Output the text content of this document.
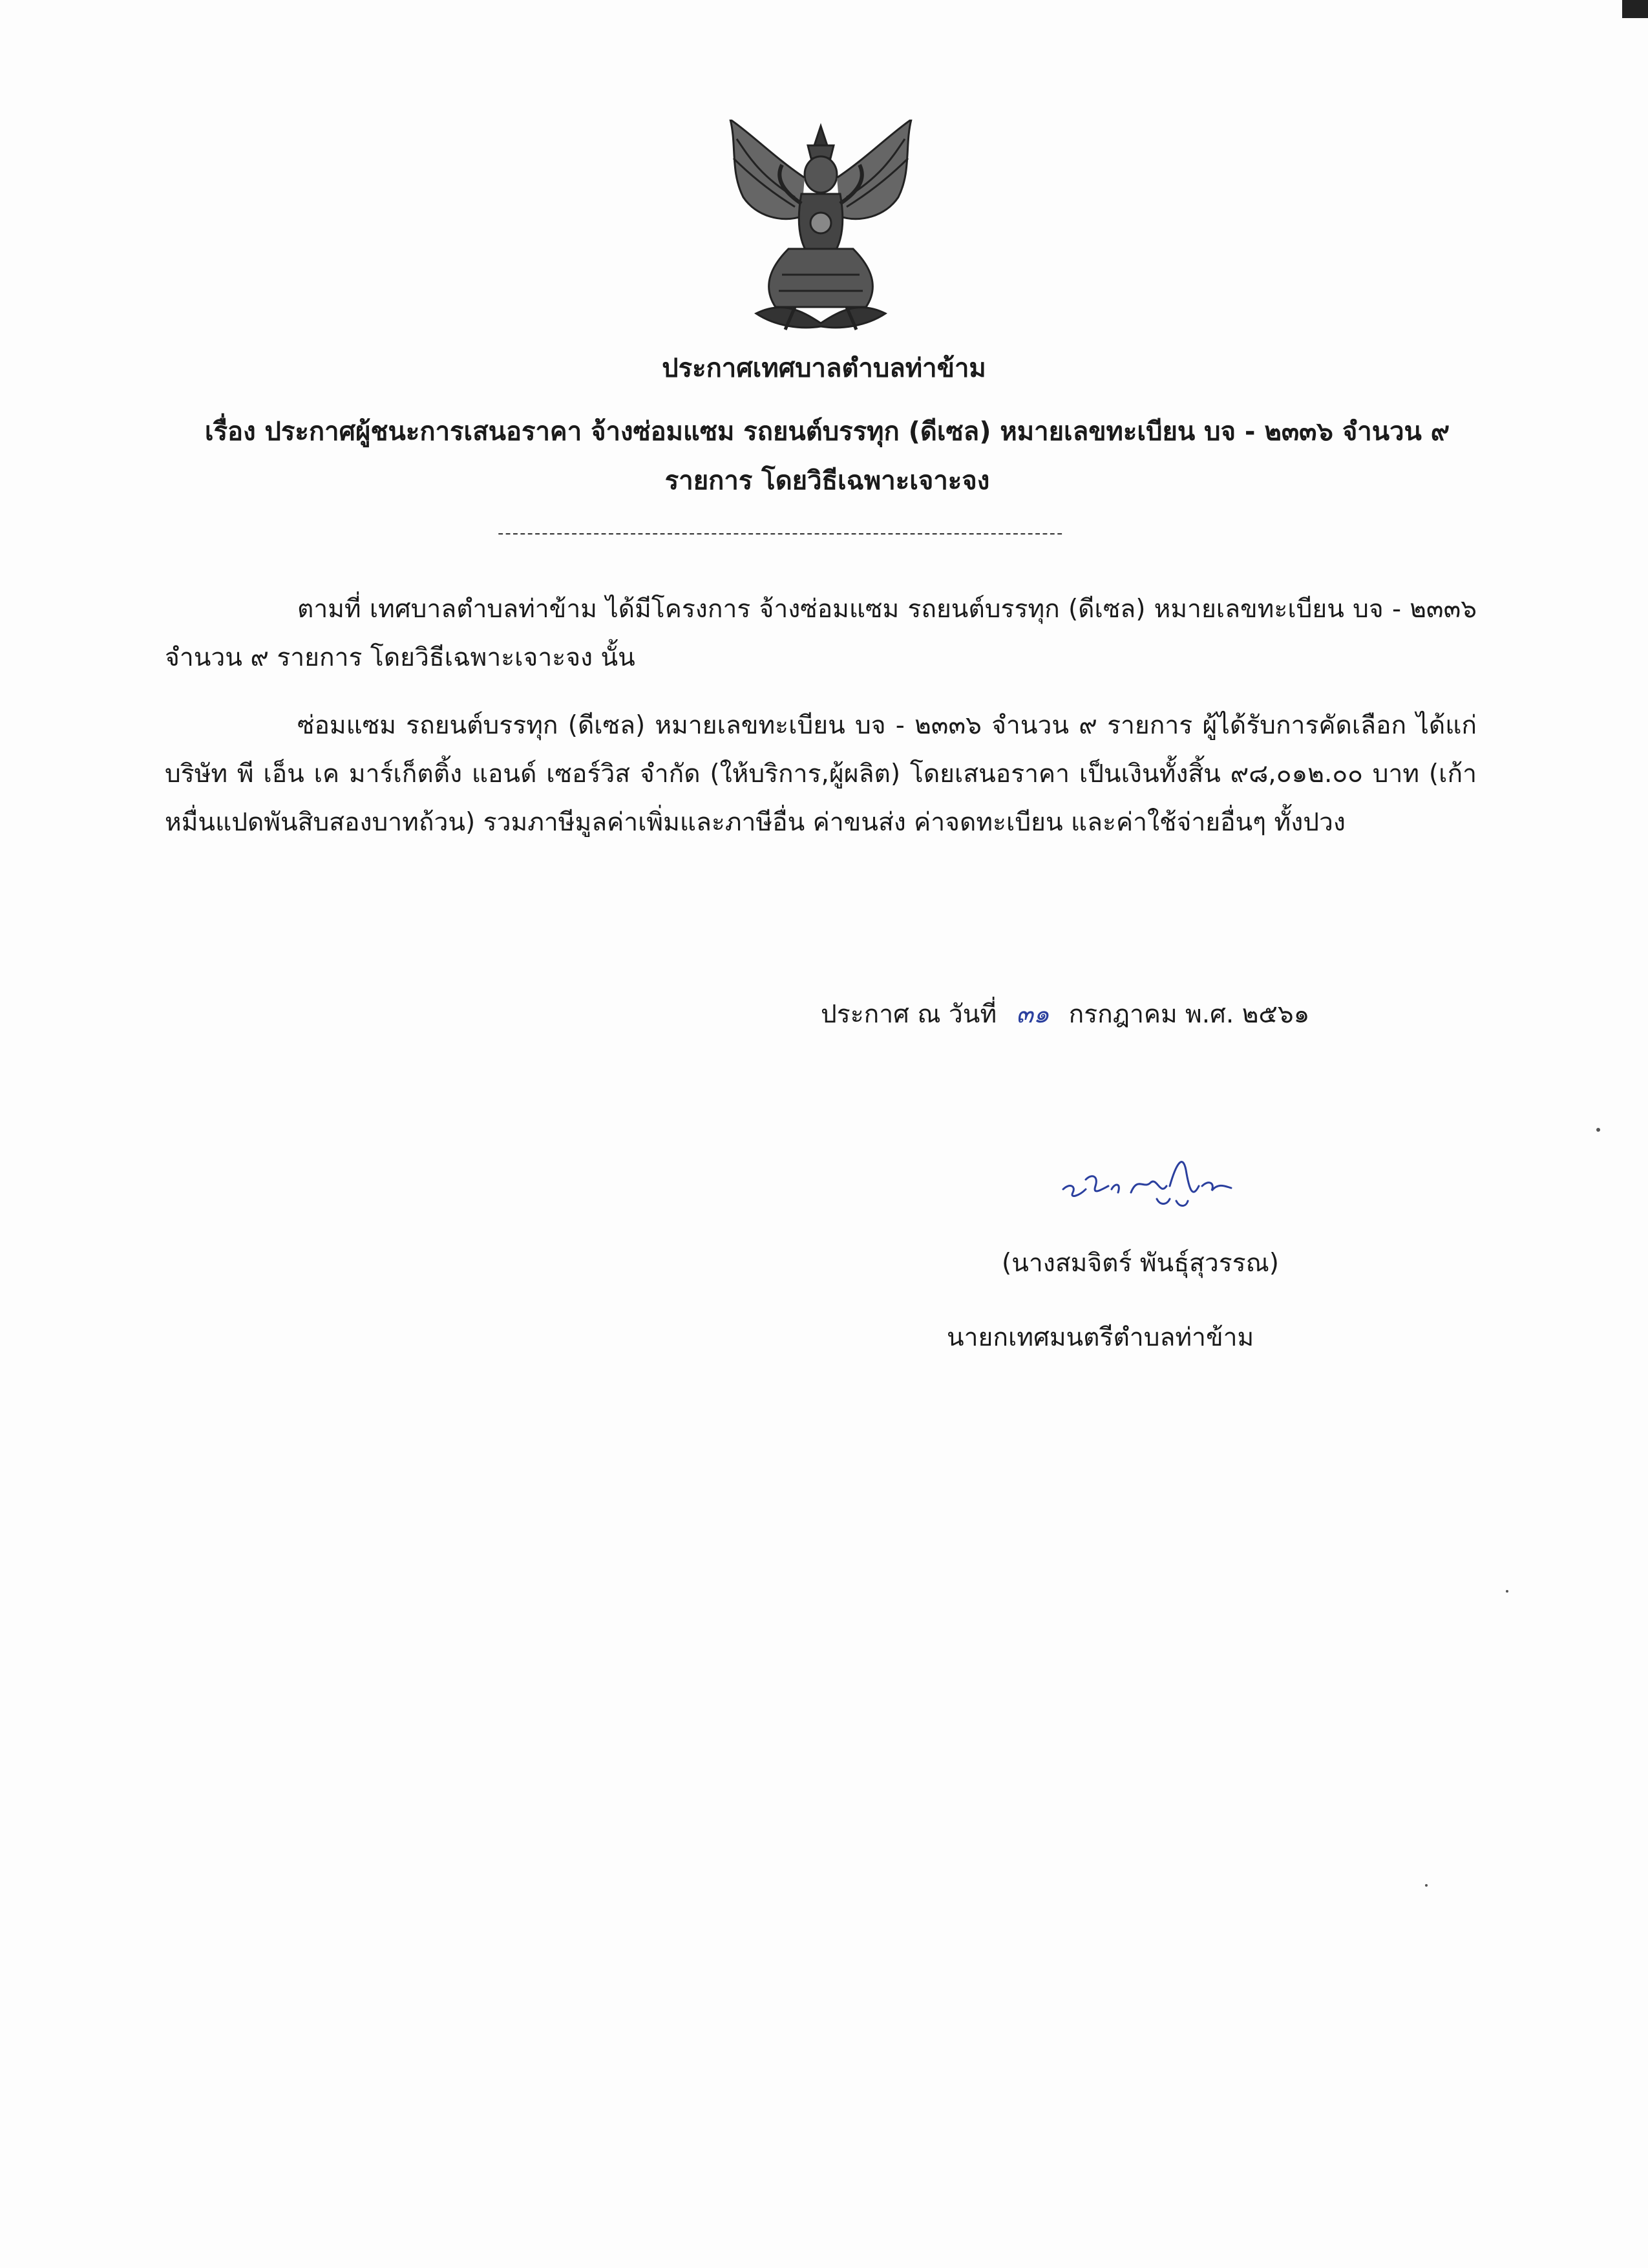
ประกาศเทศบาลตำบลท่าข้าม
เรื่อง ประกาศผู้ชนะการเสนอราคา จ้างซ่อมแซม รถยนต์บรรทุก (ดีเซล) หมายเลขทะเบียน บจ - ๒๓๓๖ จำนวน ๙ รายการ โดยวิธีเฉพาะเจาะจง
-----------------------------------------------------------------------------
ตามที่ เทศบาลตำบลท่าข้าม ได้มีโครงการ จ้างซ่อมแซม รถยนต์บรรทุก (ดีเซล) หมายเลขทะเบียน บจ - ๒๓๓๖ จำนวน ๙ รายการ โดยวิธีเฉพาะเจาะจง นั้น
ซ่อมแซม รถยนต์บรรทุก (ดีเซล) หมายเลขทะเบียน บจ - ๒๓๓๖ จำนวน ๙ รายการ ผู้ได้รับการคัดเลือก ได้แก่ บริษัท พี เอ็น เค มาร์เก็ตติ้ง แอนด์ เซอร์วิส จำกัด (ให้บริการ,ผู้ผลิต) โดยเสนอราคา เป็นเงินทั้งสิ้น ๙๘,๐๑๒.๐๐ บาท (เก้าหมื่นแปดพันสิบสองบาทถ้วน) รวมภาษีมูลค่าเพิ่มและภาษีอื่น ค่าขนส่ง ค่าจดทะเบียน และค่าใช้จ่ายอื่นๆ ทั้งปวง
ประกาศ ณ วันที่ ๓๑ กรกฎาคม พ.ศ. ๒๕๖๑
(นางสมจิตร์ พันธุ์สุวรรณ)
นายกเทศมนตรีตำบลท่าข้าม
